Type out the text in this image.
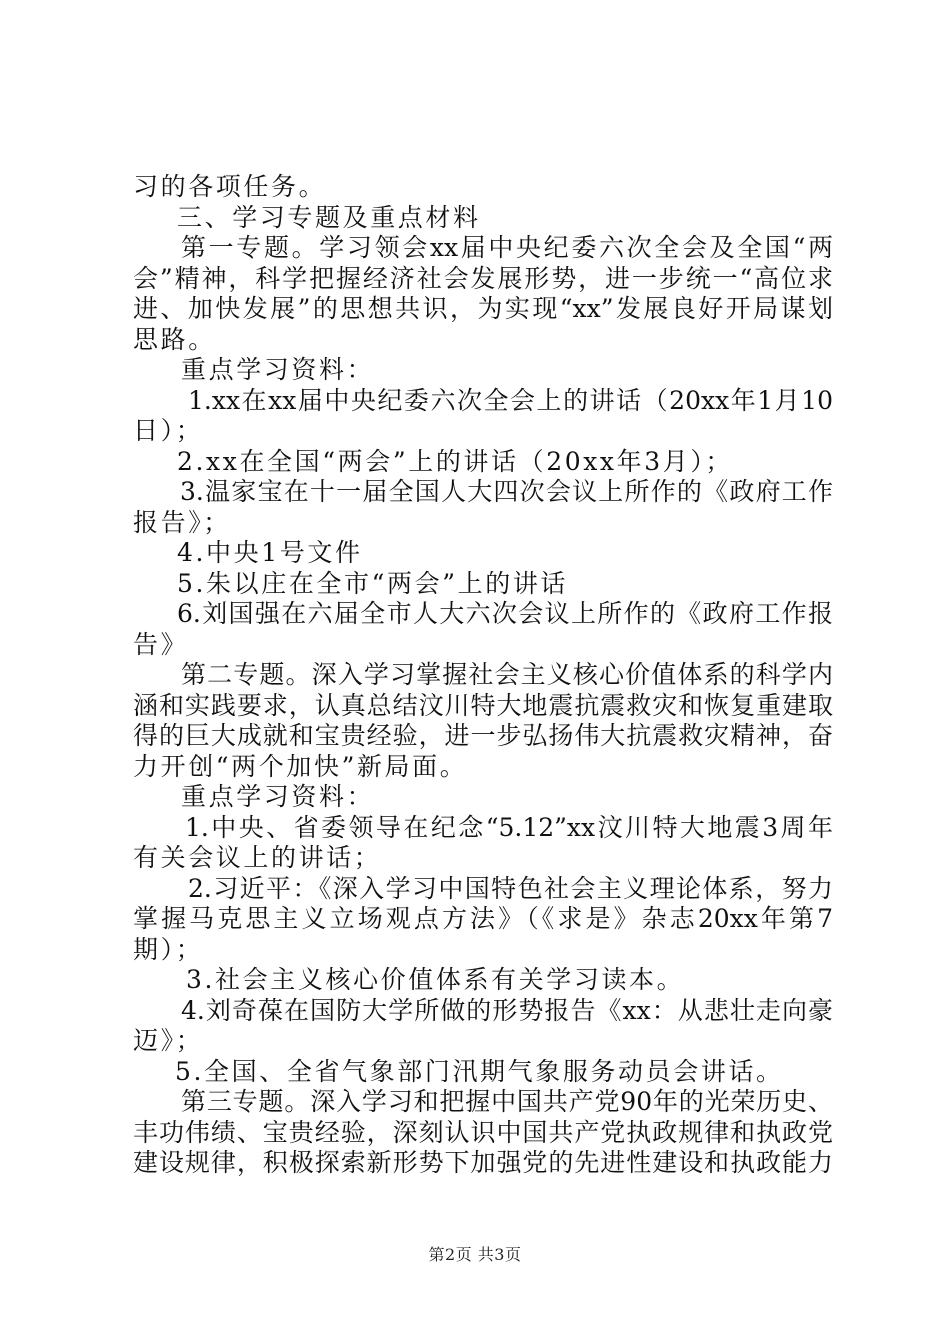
习的各项任务。
三、学习专题及重点材料
第一专题。学习领会xx届中央纪委六次全会及全国“两
会”精神，科学把握经济社会发展形势，进一步统一“高位求
进、加快发展”的思想共识，为实现“xx”发展良好开局谋划
思路。
重点学习资料：
1.xx在xx届中央纪委六次全会上的讲话（20xx年1月10
日）；
2.xx在全国“两会”上的讲话（20xx年3月）；
3.温家宝在十一届全国人大四次会议上所作的《政府工作
报告》；
4.中央1号文件
5.朱以庄在全市“两会”上的讲话
6.刘国强在六届全市人大六次会议上所作的《政府工作报
告》
第二专题。深入学习掌握社会主义核心价值体系的科学内
涵和实践要求，认真总结汶川特大地震抗震救灾和恢复重建取
得的巨大成就和宝贵经验，进一步弘扬伟大抗震救灾精神，奋
力开创“两个加快”新局面。
重点学习资料：
1.中央、省委领导在纪念“5.12”xx汶川特大地震3周年
有关会议上的讲话；
2.习近平：《深入学习中国特色社会主义理论体系，努力
掌握马克思主义立场观点方法》（《求是》杂志20xx年第7
期）；
3.社会主义核心价值体系有关学习读本。
4.刘奇葆在国防大学所做的形势报告《xx：从悲壮走向豪
迈》；
5.全国、全省气象部门汛期气象服务动员会讲话。
第三专题。深入学习和把握中国共产党90年的光荣历史、
丰功伟绩、宝贵经验，深刻认识中国共产党执政规律和执政党
建设规律，积极探索新形势下加强党的先进性建设和执政能力
第2页 共3页
